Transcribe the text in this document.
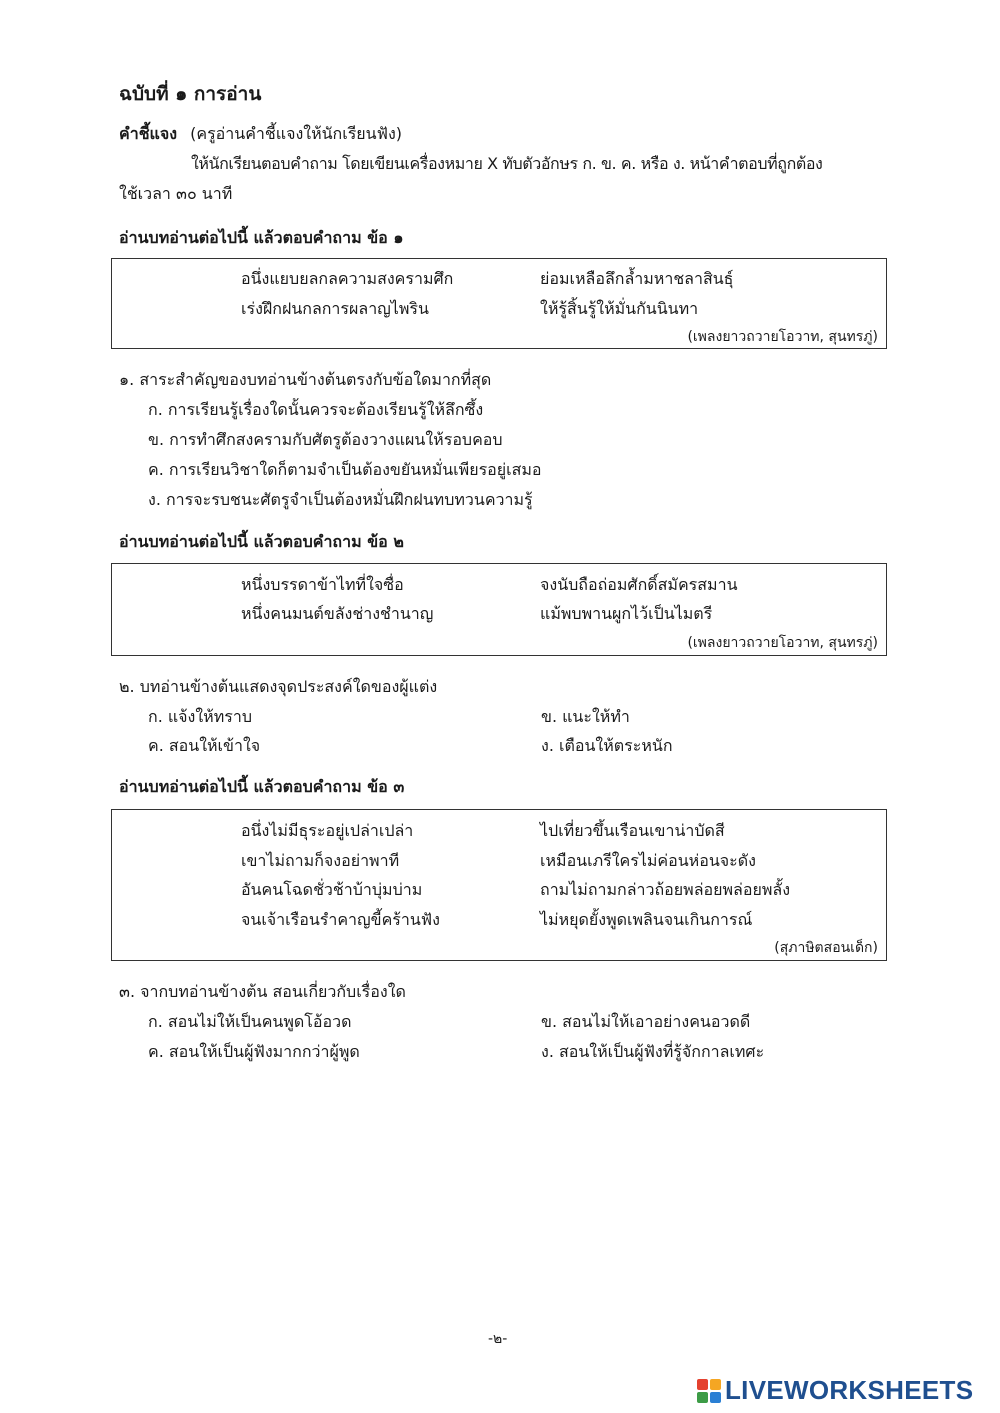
ฉบับที่ ๑ การอ่าน
คำชี้แจง (ครูอ่านคำชี้แจงให้นักเรียนฟัง)
ให้นักเรียนตอบคำถาม โดยเขียนเครื่องหมาย X ทับตัวอักษร ก. ข. ค. หรือ ง. หน้าคำตอบที่ถูกต้อง
ใช้เวลา ๓๐ นาที
อ่านบทอ่านต่อไปนี้ แล้วตอบคำถาม ข้อ ๑
อนึ่งแยบยลกลความสงครามศึก	ย่อมเหลือลึกล้ำมหาชลาสินธุ์
เร่งฝึกฝนกลการผลาญไพริน	ให้รู้สิ้นรู้ให้มั่นกันนินทา
(เพลงยาวถวายโอวาท, สุนทรภู่)
๑. สาระสำคัญของบทอ่านข้างต้นตรงกับข้อใดมากที่สุด
ก. การเรียนรู้เรื่องใดนั้นควรจะต้องเรียนรู้ให้ลึกซึ้ง
ข. การทำศึกสงครามกับศัตรูต้องวางแผนให้รอบคอบ
ค. การเรียนวิชาใดก็ตามจำเป็นต้องขยันหมั่นเพียรอยู่เสมอ
ง. การจะรบชนะศัตรูจำเป็นต้องหมั่นฝึกฝนทบทวนความรู้
อ่านบทอ่านต่อไปนี้ แล้วตอบคำถาม ข้อ ๒
หนึ่งบรรดาข้าไทที่ใจซื่อ	จงนับถือถ่อมศักดิ์สมัครสมาน
หนึ่งคนมนต์ขลังช่างชำนาญ	แม้พบพานผูกไว้เป็นไมตรี
(เพลงยาวถวายโอวาท, สุนทรภู่)
๒. บทอ่านข้างต้นแสดงจุดประสงค์ใดของผู้แต่ง
ก. แจ้งให้ทราบ	ข. แนะให้ทำ
ค. สอนให้เข้าใจ	ง. เตือนให้ตระหนัก
อ่านบทอ่านต่อไปนี้ แล้วตอบคำถาม ข้อ ๓
อนึ่งไม่มีธุระอยู่เปล่าเปล่า	ไปเที่ยวขึ้นเรือนเขาน่าบัดสี
เขาไม่ถามก็จงอย่าพาที	เหมือนเภรีใครไม่ค่อนห่อนจะดัง
อันคนโฉดชั่วช้าบ้าบุ่มบ่าม	ถามไม่ถามกล่าวถ้อยพล่อยพล่อยพลั้ง
จนเจ้าเรือนรำคาญขี้คร้านฟัง	ไม่หยุดยั้งพูดเพลินจนเกินการณ์
(สุภาษิตสอนเด็ก)
๓. จากบทอ่านข้างต้น สอนเกี่ยวกับเรื่องใด
ก. สอนไม่ให้เป็นคนพูดโอ้อวด	ข. สอนไม่ให้เอาอย่างคนอวดดี
ค. สอนให้เป็นผู้ฟังมากกว่าผู้พูด	ง. สอนให้เป็นผู้ฟังที่รู้จักกาลเทศะ
-๒-
LIVEWORKSHEETS
